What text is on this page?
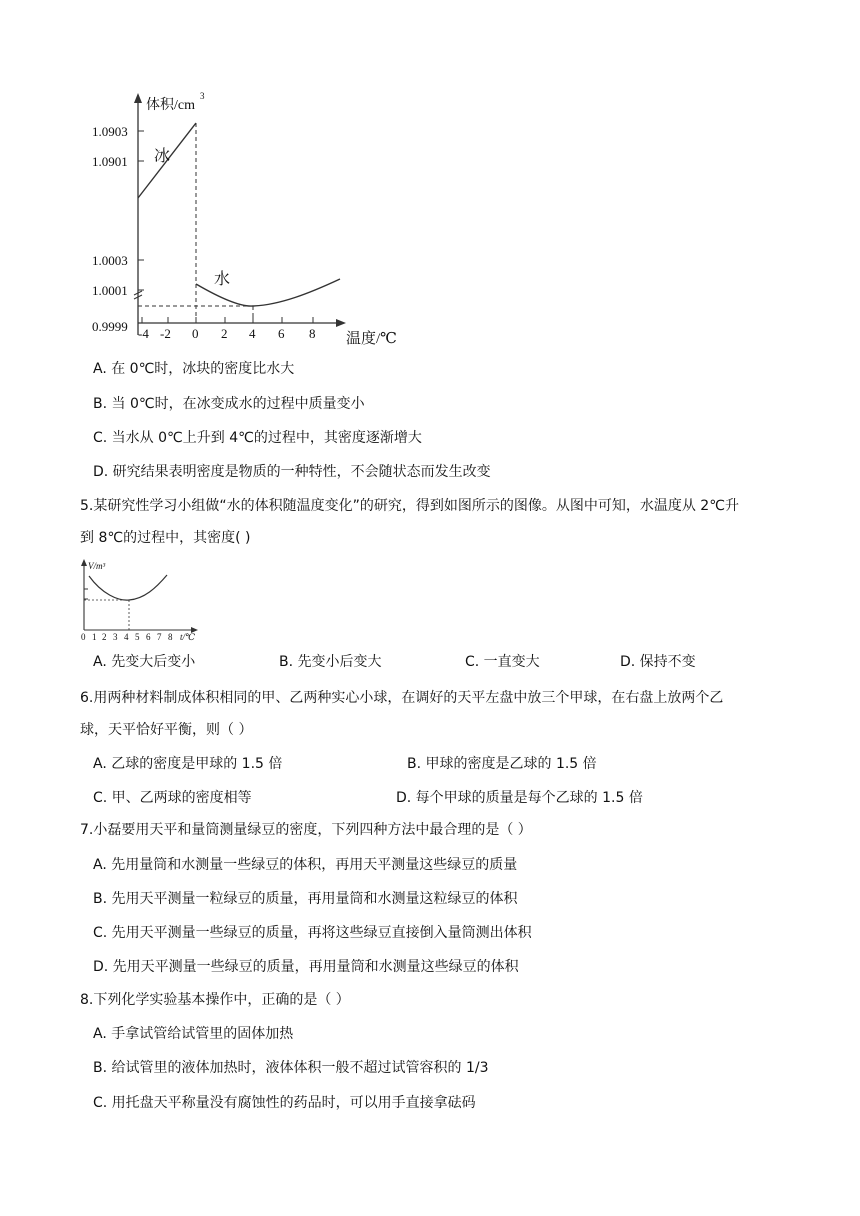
体积/cm
3
1.0903
1.0901
1.0003
1.0001
0.9999 -4 -2 0 2 4 6 8 温度/℃
冰
水
A. 在 0℃时，冰块的密度比水大
B. 当 0℃时，在冰变成水的过程中质量变小
C. 当水从 0℃上升到 4℃的过程中，其密度逐渐增大
D. 研究结果表明密度是物质的一种特性，不会随状态而发生改变
5.某研究性学习小组做“水的体积随温度变化”的研究，得到如图所示的图像。从图中可知，水温度从 2℃升
到 8℃的过程中，其密度( )
V/m³
0 1 2 3 4 5 6 7 8 t/℃
A. 先变大后变小	B. 先变小后变大	C. 一直变大	D. 保持不变
6.用两种材料制成体积相同的甲、乙两种实心小球，在调好的天平左盘中放三个甲球，在右盘上放两个乙
球，天平恰好平衡，则（ ）
A. 乙球的密度是甲球的 1.5 倍	B. 甲球的密度是乙球的 1.5 倍
C. 甲、乙两球的密度相等	D. 每个甲球的质量是每个乙球的 1.5 倍
7.小磊要用天平和量筒测量绿豆的密度，下列四种方法中最合理的是（ ）
A. 先用量筒和水测量一些绿豆的体积，再用天平测量这些绿豆的质量
B. 先用天平测量一粒绿豆的质量，再用量筒和水测量这粒绿豆的体积
C. 先用天平测量一些绿豆的质量，再将这些绿豆直接倒入量筒测出体积
D. 先用天平测量一些绿豆的质量，再用量筒和水测量这些绿豆的体积
8.下列化学实验基本操作中，正确的是（ ）
A. 手拿试管给试管里的固体加热
B. 给试管里的液体加热时，液体体积一般不超过试管容积的 1/3
C. 用托盘天平称量没有腐蚀性的药品时，可以用手直接拿砝码
